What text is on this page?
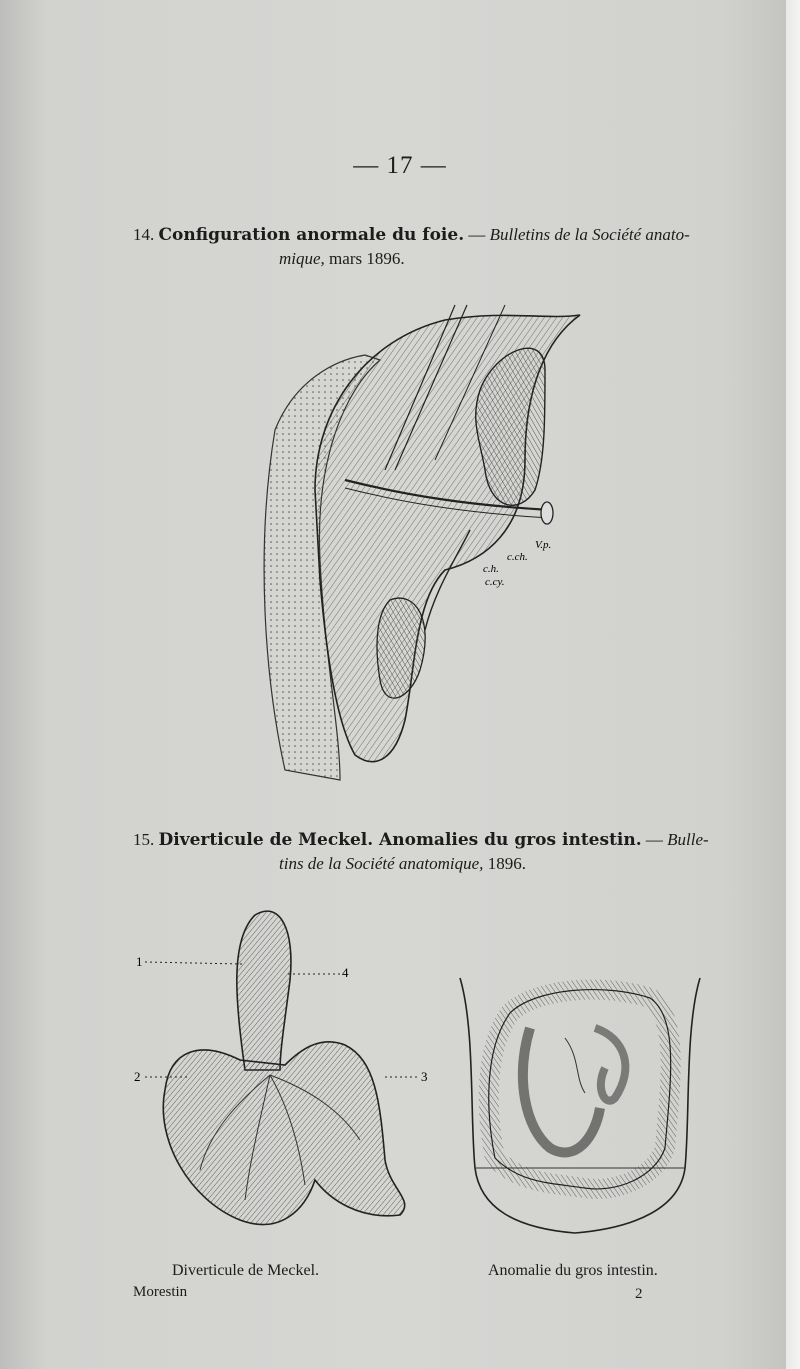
— 17 —
14. Configuration anormale du foie. — Bulletins de la Société anato-
mique, mars 1896.
V.p.
c.ch.
c.h.
c.cy.
15. Diverticule de Meckel. Anomalies du gros intestin. — Bulle-
tins de la Société anatomique, 1896.
1
2	3
4
Diverticule de Meckel.	Anomalie du gros intestin.
Morestin	2
